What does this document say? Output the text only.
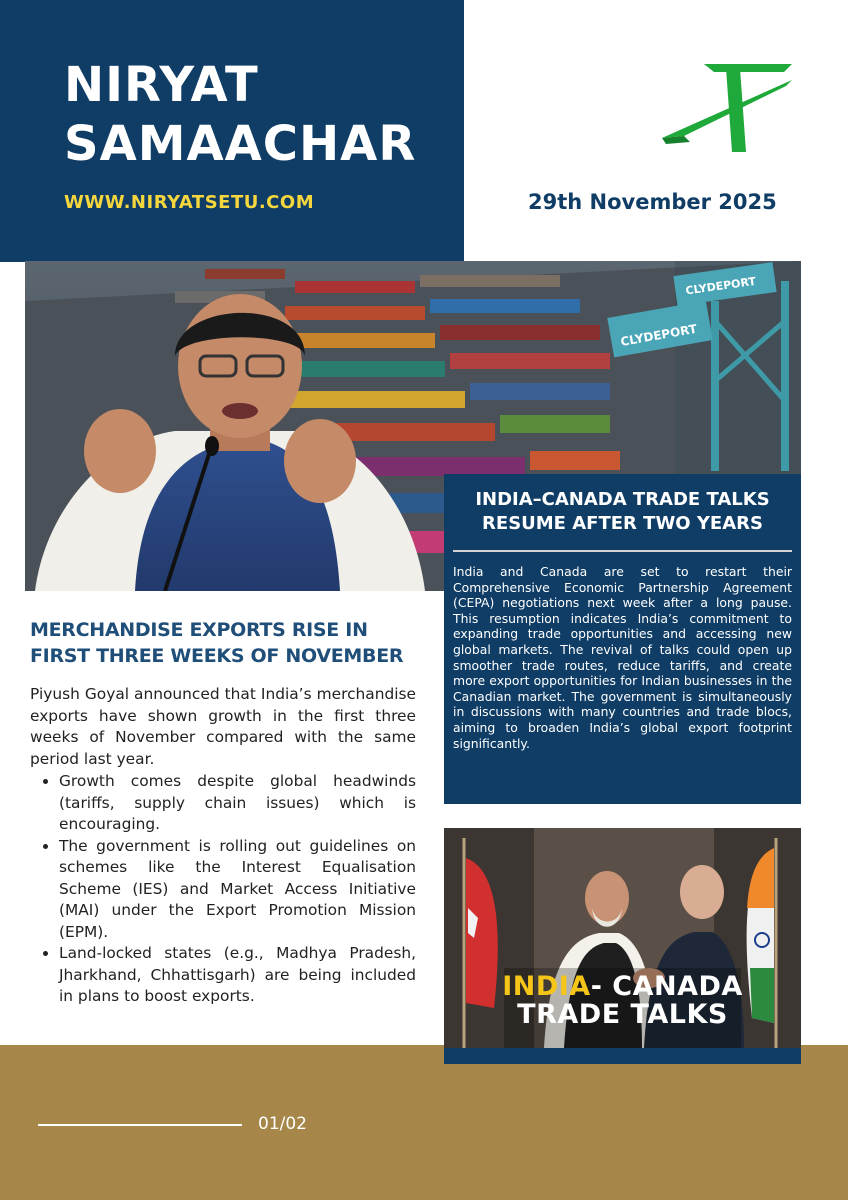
NIRYAT
SAMAACHAR
WWW.NIRYATSETU.COM	29th November 2025
CLYDEPORT
CLYDEPORT
INDIA–CANADA TRADE TALKS
RESUME AFTER TWO YEARS

India and Canada are set to restart their Comprehensive Economic Partnership Agreement (CEPA) negotiations next week after a long pause. This resumption indicates India’s commitment to expanding trade opportunities and accessing new global markets. The revival of talks could open up smoother trade routes, reduce tariffs, and create more export opportunities for Indian businesses in the Canadian market. The government is simultaneously in discussions with many countries and trade blocs, aiming to broaden India’s global export footprint significantly.

MERCHANDISE EXPORTS RISE IN
FIRST THREE WEEKS OF NOVEMBER

Piyush Goyal announced that India’s merchandise exports have shown growth in the first three weeks of November compared with the same period last year.

• Growth comes despite global headwinds (tariffs, supply chain issues) which is encouraging.
• The government is rolling out guidelines on schemes like the Interest Equalisation Scheme (IES) and Market Access Initiative (MAI) under the Export Promotion Mission (EPM).
• Land-locked states (e.g., Madhya Pradesh, Jharkhand, Chhattisgarh) are being included in plans to boost exports.
01/02
INDIA- CANADA
TRADE TALKS
